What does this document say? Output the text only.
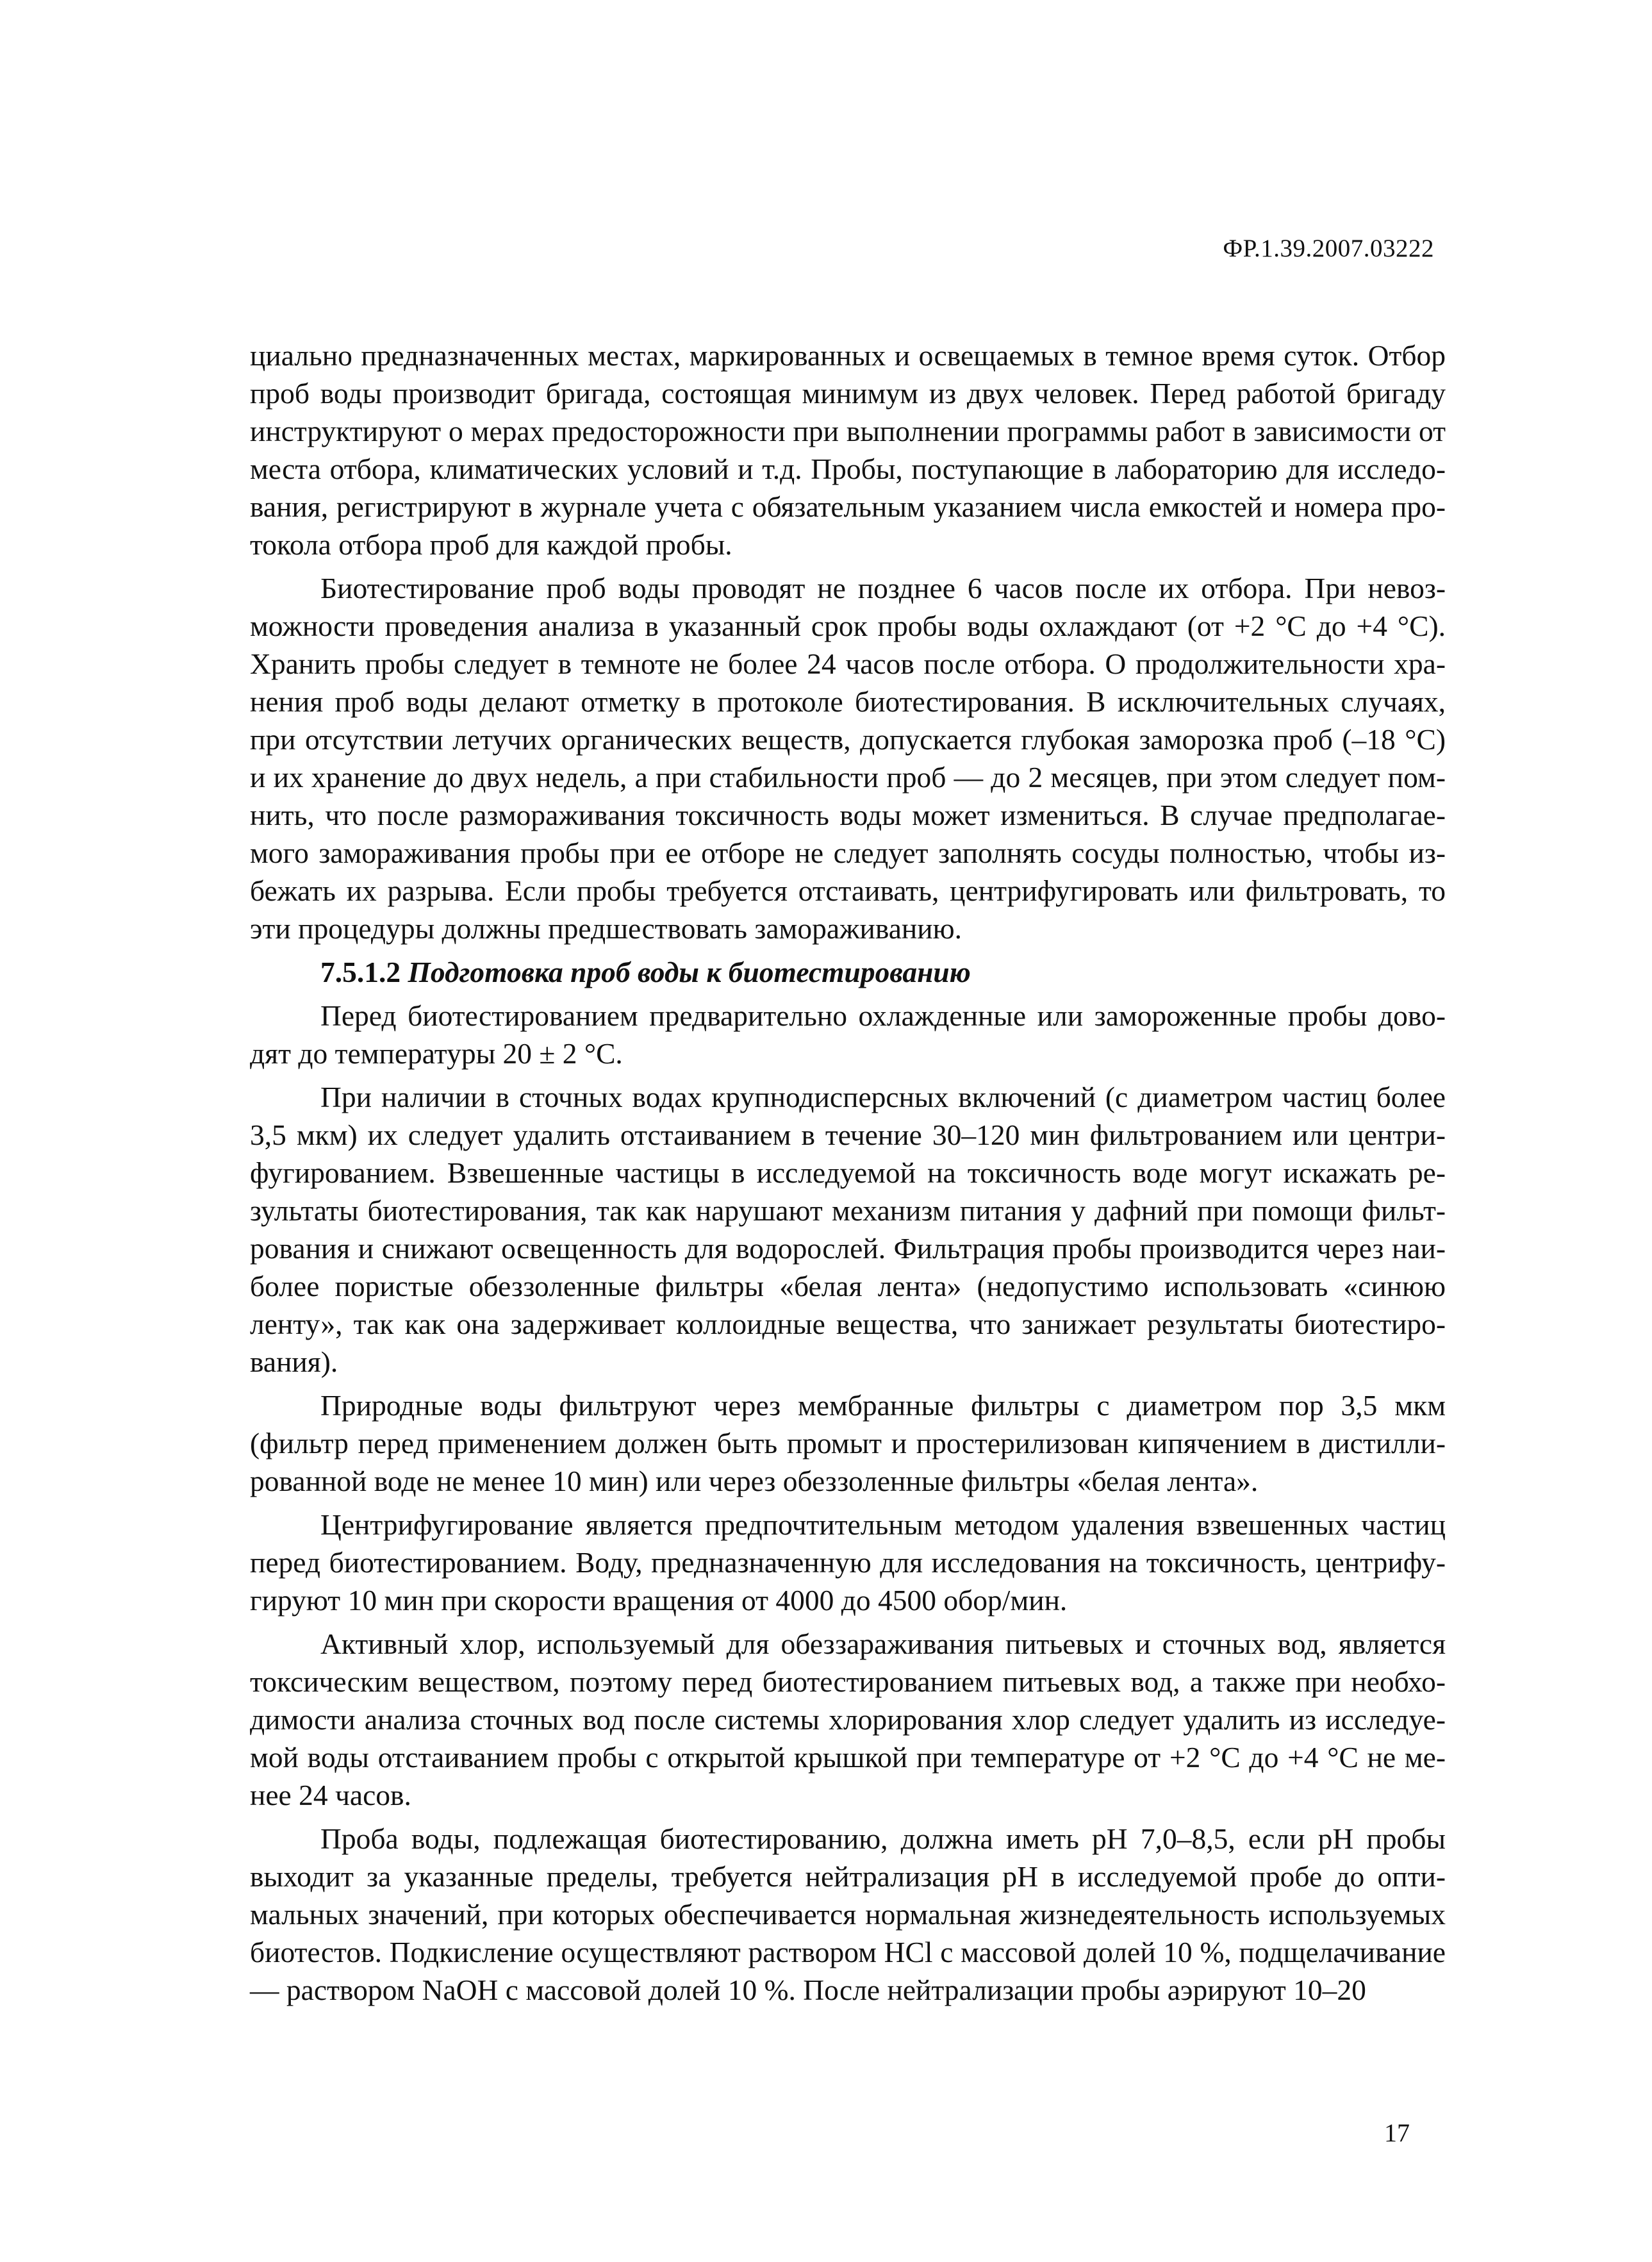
ФР.1.39.2007.03222

циально предназначенных местах, маркированных и освещаемых в темное время суток. Отбор проб воды производит бригада, состоящая минимум из двух человек. Перед работой бригаду инструктируют о мерах предосторожности при выполнении программы работ в зависимости от места отбора, климатических условий и т.д. Пробы, поступающие в лабораторию для исследования, регистрируют в журнале учета с обязательным указанием числа емкостей и номера протокола отбора проб для каждой пробы.

Биотестирование проб воды проводят не позднее 6 часов после их отбора. При невозможности проведения анализа в указанный срок пробы воды охлаждают (от +2 °С до +4 °С). Хранить пробы следует в темноте не более 24 часов после отбора. О продолжительности хранения проб воды делают отметку в протоколе биотестирования. В исключительных случаях, при отсутствии летучих органических веществ, допускается глубокая заморозка проб (–18 °С) и их хранение до двух недель, а при стабильности проб — до 2 месяцев, при этом следует помнить, что после размораживания токсичность воды может измениться. В случае предполагаемого замораживания пробы при ее отборе не следует заполнять сосуды полностью, чтобы избежать их разрыва. Если пробы требуется отстаивать, центрифугировать или фильтровать, то эти процедуры должны предшествовать замораживанию.

7.5.1.2 Подготовка проб воды к биотестированию

Перед биотестированием предварительно охлажденные или замороженные пробы доводят до температуры 20 ± 2 °С.

При наличии в сточных водах крупнодисперсных включений (с диаметром частиц более 3,5 мкм) их следует удалить отстаиванием в течение 30–120 мин фильтрованием или центрифугированием. Взвешенные частицы в исследуемой на токсичность воде могут искажать результаты биотестирования, так как нарушают механизм питания у дафний при помощи фильтрования и снижают освещенность для водорослей. Фильтрация пробы производится через наиболее пористые обеззоленные фильтры «белая лента» (недопустимо использовать «синюю ленту», так как она задерживает коллоидные вещества, что занижает результаты биотестирования).

Природные воды фильтруют через мембранные фильтры с диаметром пор 3,5 мкм (фильтр перед применением должен быть промыт и простерилизован кипячением в дистиллированной воде не менее 10 мин) или через обеззоленные фильтры «белая лента».

Центрифугирование является предпочтительным методом удаления взвешенных частиц перед биотестированием. Воду, предназначенную для исследования на токсичность, центрифугируют 10 мин при скорости вращения от 4000 до 4500 обор/мин.

Активный хлор, используемый для обеззараживания питьевых и сточных вод, является токсическим веществом, поэтому перед биотестированием питьевых вод, а также при необходимости анализа сточных вод после системы хлорирования хлор следует удалить из исследуемой воды отстаиванием пробы с открытой крышкой при температуре от +2 °С до +4 °С не менее 24 часов.

Проба воды, подлежащая биотестированию, должна иметь pH 7,0–8,5, если pH пробы выходит за указанные пределы, требуется нейтрализация pH в исследуемой пробе до оптимальных значений, при которых обеспечивается нормальная жизнедеятельность используемых биотестов. Подкисление осуществляют раствором HCl с массовой долей 10 %, подщелачивание — раствором NaOH с массовой долей 10 %. После нейтрализации пробы аэрируют 10–20

17
